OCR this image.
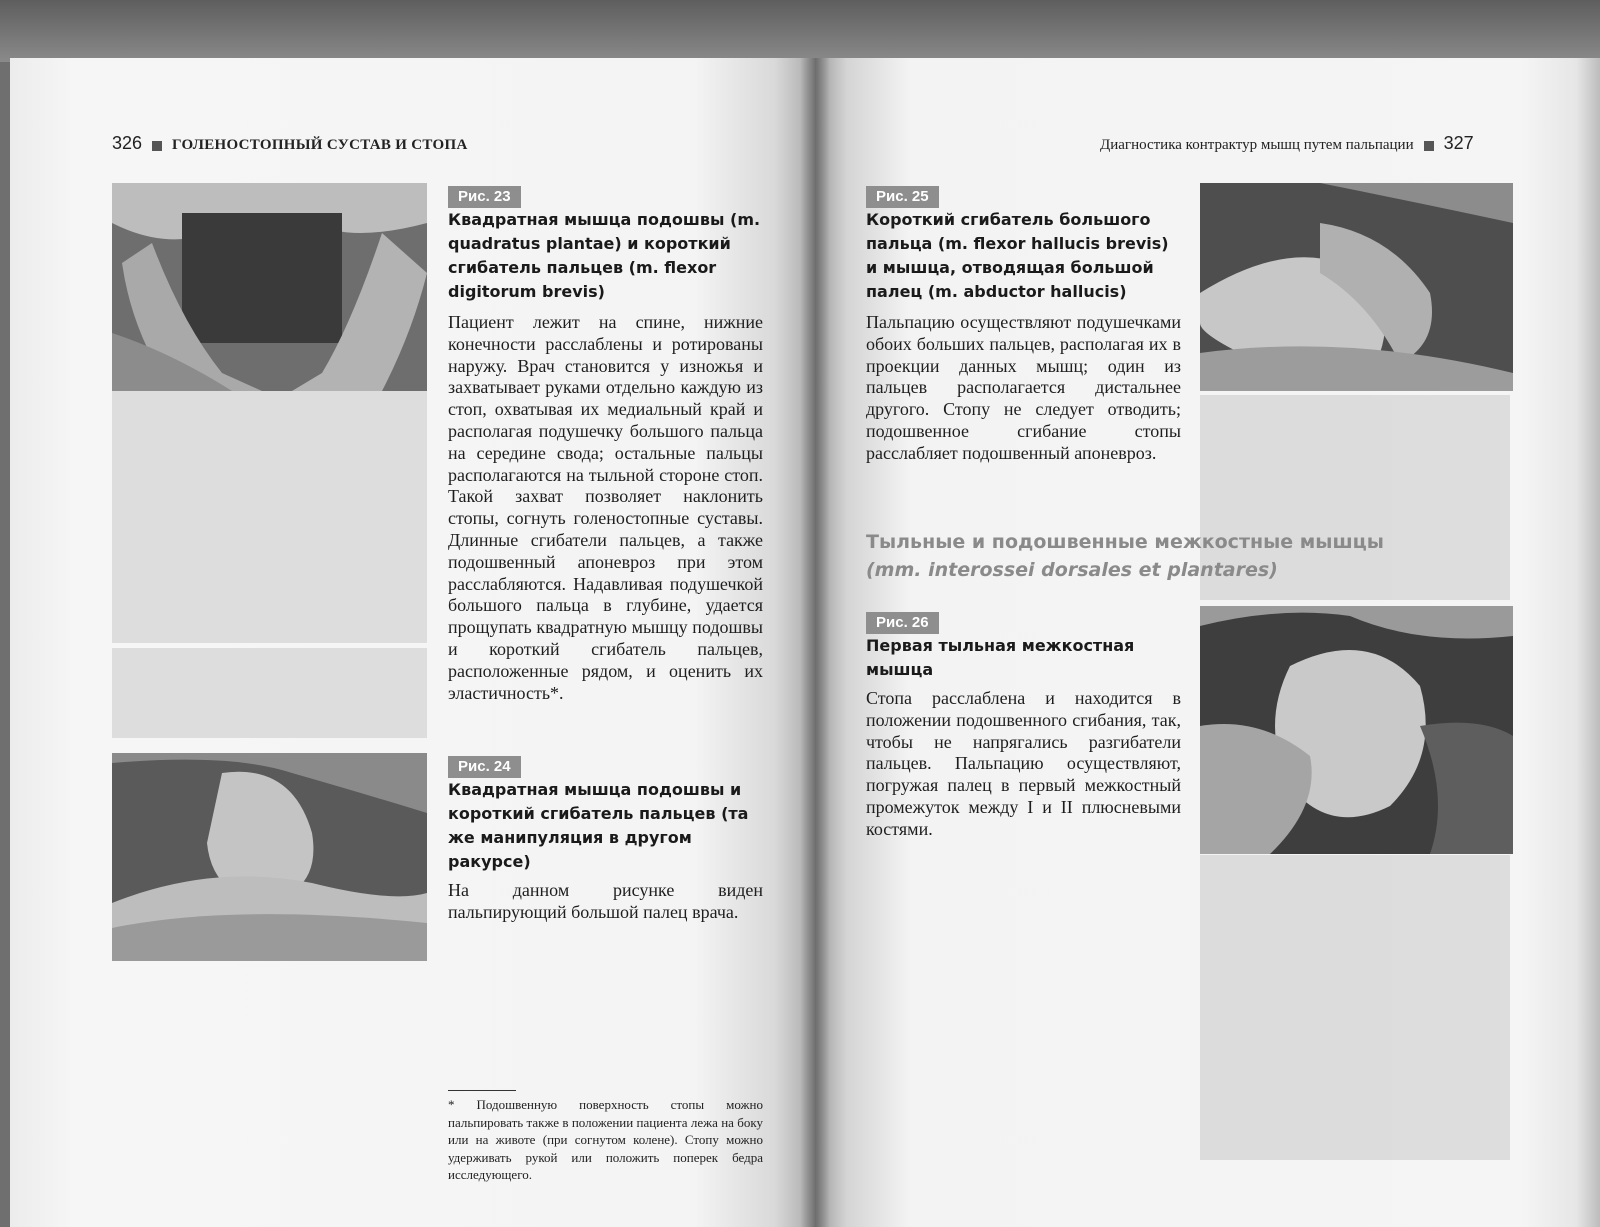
326 ГОЛЕНОСТОПНЫЙ СУСТАВ И СТОПА
Рис. 23
Квадратная мышца подошвы (m. quadratus plantae) и короткий сгибатель пальцев (m. flexor digitorum brevis)
Пациент лежит на спине, нижние конечности расслаблены и ротированы наружу. Врач становится у изножья и захватывает руками отдельно каждую из стоп, охватывая их медиальный край и располагая подушечку большого пальца на середине свода; остальные пальцы располагаются на тыльной стороне стоп. Такой захват позволяет наклонить стопы, согнуть голеностопные суставы. Длинные сгибатели пальцев, а также подошвенный апоневроз при этом расслабляются. Надавливая подушечкой большого пальца в глубине, удается прощупать квадратную мышцу подошвы и короткий сгибатель пальцев, расположенные рядом, и оценить их эластичность*.
Рис. 24
Квадратная мышца подошвы и короткий сгибатель пальцев (та же манипуляция в другом ракурсе)
На данном рисунке виден пальпирующий большой палец врача.
* Подошвенную поверхность стопы можно пальпировать также в положении пациента лежа на боку или на животе (при согнутом колене). Стопу можно удерживать рукой или положить поперек бедра исследующего.
Диагностика контрактур мышц путем пальпации 327
Рис. 25
Короткий сгибатель большого пальца (m. flexor hallucis brevis) и мышца, отводящая большой палец (m. abductor hallucis)
Пальпацию осуществляют подушечками обоих больших пальцев, располагая их в проекции данных мышц; один из пальцев располагается дистальнее другого. Стопу не следует отводить; подошвенное сгибание стопы расслабляет подошвенный апоневроз.
Тыльные и подошвенные межкостные мышцы
(mm. interossei dorsales et plantares)
Рис. 26
Первая тыльная межкостная мышца
Стопа расслаблена и находится в положении подошвенного сгибания, так, чтобы не напрягались разгибатели пальцев. Пальпацию осуществляют, погружая палец в первый межкостный промежуток между I и II плюсневыми костями.
